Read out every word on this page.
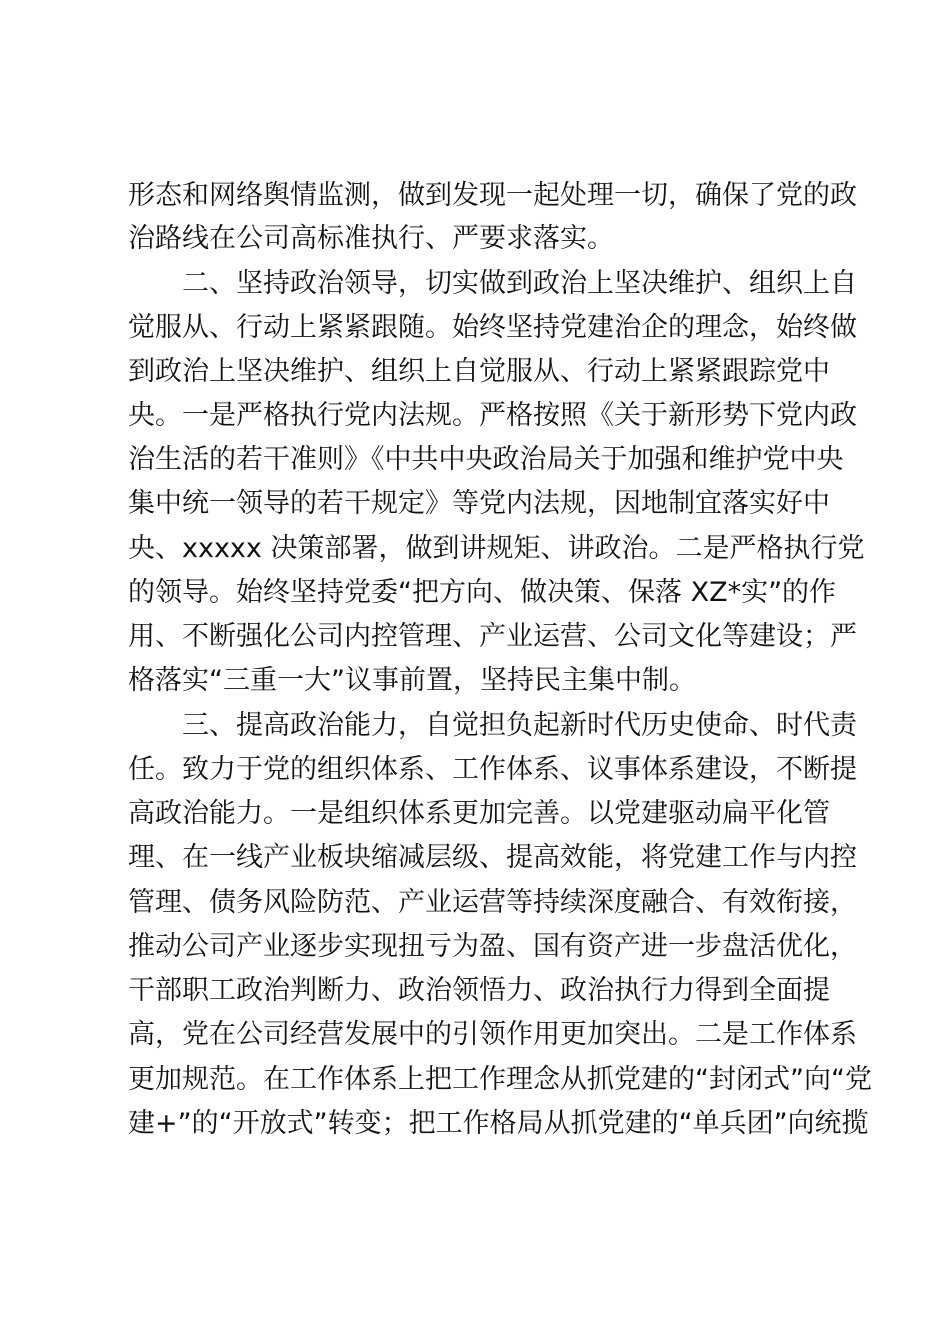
形态和网络舆情监测，做到发现一起处理一切，确保了党的政
治路线在公司高标准执行、严要求落实。
二、坚持政治领导，切实做到政治上坚决维护、组织上自
觉服从、行动上紧紧跟随。始终坚持党建治企的理念，始终做
到政治上坚决维护、组织上自觉服从、行动上紧紧跟踪党中
央。一是严格执行党内法规。严格按照《关于新形势下党内政
治生活的若干准则》《中共中央政治局关于加强和维护党中央
集中统一领导的若干规定》等党内法规，因地制宜落实好中
央、xxxxx 决策部署，做到讲规矩、讲政治。二是严格执行党
的领导。始终坚持党委“把方向、做决策、保落 XZ*实”的作
用、不断强化公司内控管理、产业运营、公司文化等建设；严
格落实“三重一大”议事前置，坚持民主集中制。
三、提高政治能力，自觉担负起新时代历史使命、时代责
任。致力于党的组织体系、工作体系、议事体系建设，不断提
高政治能力。一是组织体系更加完善。以党建驱动扁平化管
理、在一线产业板块缩减层级、提高效能，将党建工作与内控
管理、债务风险防范、产业运营等持续深度融合、有效衔接，
推动公司产业逐步实现扭亏为盈、国有资产进一步盘活优化，
干部职工政治判断力、政治领悟力、政治执行力得到全面提
高，党在公司经营发展中的引领作用更加突出。二是工作体系
更加规范。在工作体系上把工作理念从抓党建的“封闭式”向“党
建+”的“开放式”转变；把工作格局从抓党建的“单兵团”向统揽
